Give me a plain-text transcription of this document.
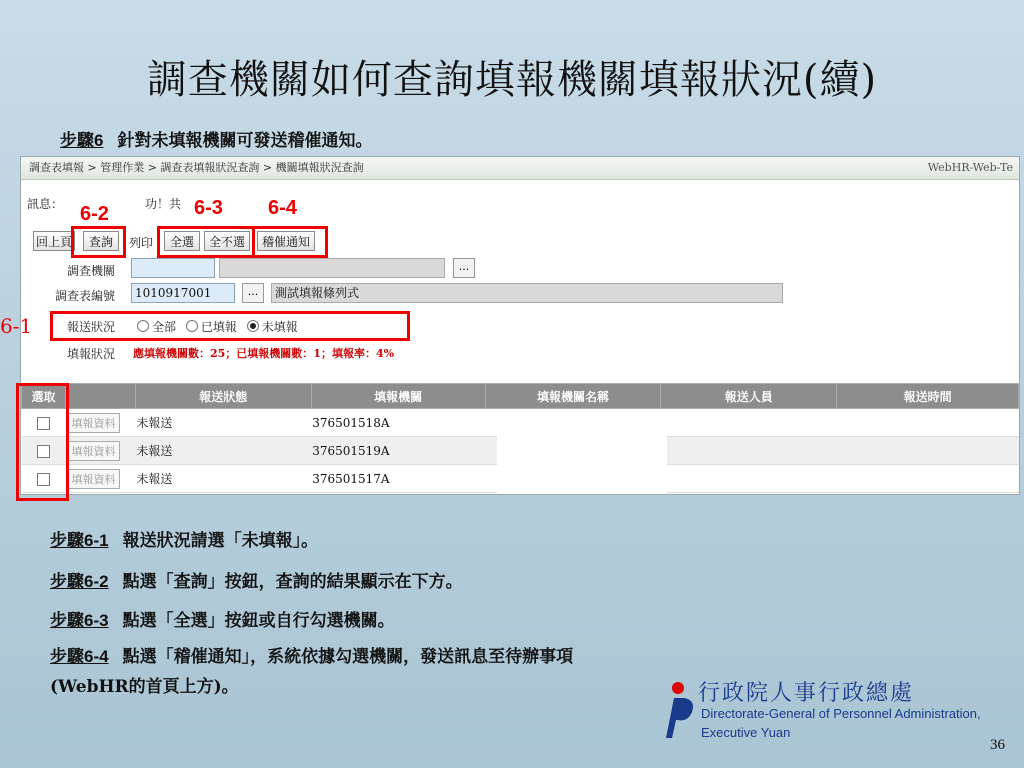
調查機關如何查詢填報機關填報狀況(續)
步驟6 針對未填報機關可發送稽催通知。
調查表填報 > 管理作業 > 調查表填報狀況查詢 > 機關填報狀況查詢	WebHR-Web-Te
訊息：	功！共
回上頁	查詢	列印	全選	全不選	稽催通知
調查機關	...
調查表編號	1010917001	...	測試填報條列式
報送狀況	全部 已填報 未填報
填報狀況 應填報機關數：25；已填報機關數：1；填報率：4%
選取		報送狀態	填報機關	填報機關名稱	報送人員	報送時間
	填報資料	未報送	376501518A			
	填報資料	未報送	376501519A			
	填報資料	未報送	376501517A			
6-2	6-3 6-4
6-1
步驟6-1 報送狀況請選「未填報」。
步驟6-2 點選「查詢」按鈕，查詢的結果顯示在下方。
步驟6-3 點選「全選」按鈕或自行勾選機關。
步驟6-4 點選「稽催通知」，系統依據勾選機關，發送訊息至待辦事項
(WebHR的首頁上方)。	行政院人事行政總處
Directorate-General of Personnel Administration,
Executive Yuan
36
